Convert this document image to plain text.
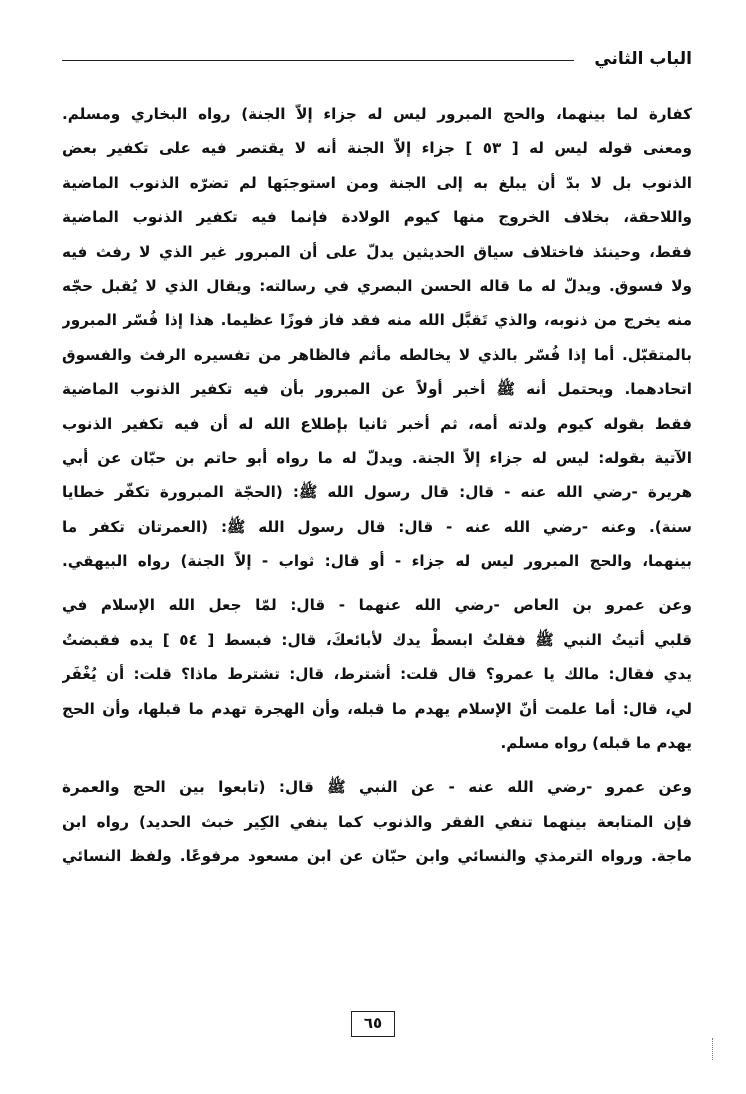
الباب الثاني
كفارة لما بينهما، والحج المبرور ليس له جزاء إلاّ الجنة) رواه البخاري ومسلم.
ومعنى قوله ليس له [ ٥٣ ] جزاء إلاّ الجنة أنه لا يقتصر فيه على تكفير بعض
الذنوب بل لا بدّ أن يبلغ به إلى الجنة ومن استوجبَها لم تضرّه الذنوب الماضية
واللاحقة، بخلاف الخروج منها كيوم الولادة فإنما فيه تكفير الذنوب الماضية
فقط، وحينئذ فاختلاف سياق الحديثين يدلّ على أن المبرور غير الذي لا رفث فيه
ولا فسوق. ويدلّ له ما قاله الحسن البصري في رسالته: ويقال الذي لا يُقبل حجّه
منه يخرج من ذنوبه، والذي تَقبَّل الله منه فقد فاز فوزًا عظيما. هذا إذا فُسّر المبرور
بالمتقبّل. أما إذا فُسّر بالذي لا يخالطه مأثم فالظاهر من تفسيره الرفث والفسوق
اتحادهما. ويحتمل أنه ﷺ أخبر أولاً عن المبرور بأن فيه تكفير الذنوب الماضية
فقط بقوله كيوم ولدته أمه، ثم أخبر ثانيا بإطلاع الله له أن فيه تكفير الذنوب
الآتية بقوله: ليس له جزاء إلاّ الجنة. ويدلّ له ما رواه أبو حاتم بن حبّان عن أبي
هريرة -رضي الله عنه - قال: قال رسول الله ﷺ: (الحجّة المبرورة تكفّر خطايا
سنة). وعنه -رضي الله عنه - قال: قال رسول الله ﷺ: (العمرتان تكفر ما
بينهما، والحج المبرور ليس له جزاء - أو قال: ثواب - إلاّ الجنة) رواه البيهقي.
وعن عمرو بن العاص -رضي الله عنهما - قال: لمّا جعل الله الإسلام في
قلبي أتيتُ النبي ﷺ فقلتُ ابسطْ يدك لأبائعكَ، قال: فبسط [ ٥٤ ] يده فقبضتُ
يدي فقال: مالك يا عمرو؟ قال قلت: أشترط، قال: تشترط ماذا؟ قلت: أن يُغْفَر
لي، قال: أما علمت أنّ الإسلام يهدم ما قبله، وأن الهجرة تهدم ما قبلها، وأن الحج
يهدم ما قبله) رواه مسلم.
وعن عمرو -رضي الله عنه - عن النبي ﷺ قال: (تابعوا بين الحج والعمرة
فإن المتابعة بينهما تنفي الفقر والذنوب كما ينفي الكِير خبث الحديد) رواه ابن
ماجة. ورواه الترمذي والنسائي وابن حبّان عن ابن مسعود مرفوعًا. ولفظ النسائي
٦٥
